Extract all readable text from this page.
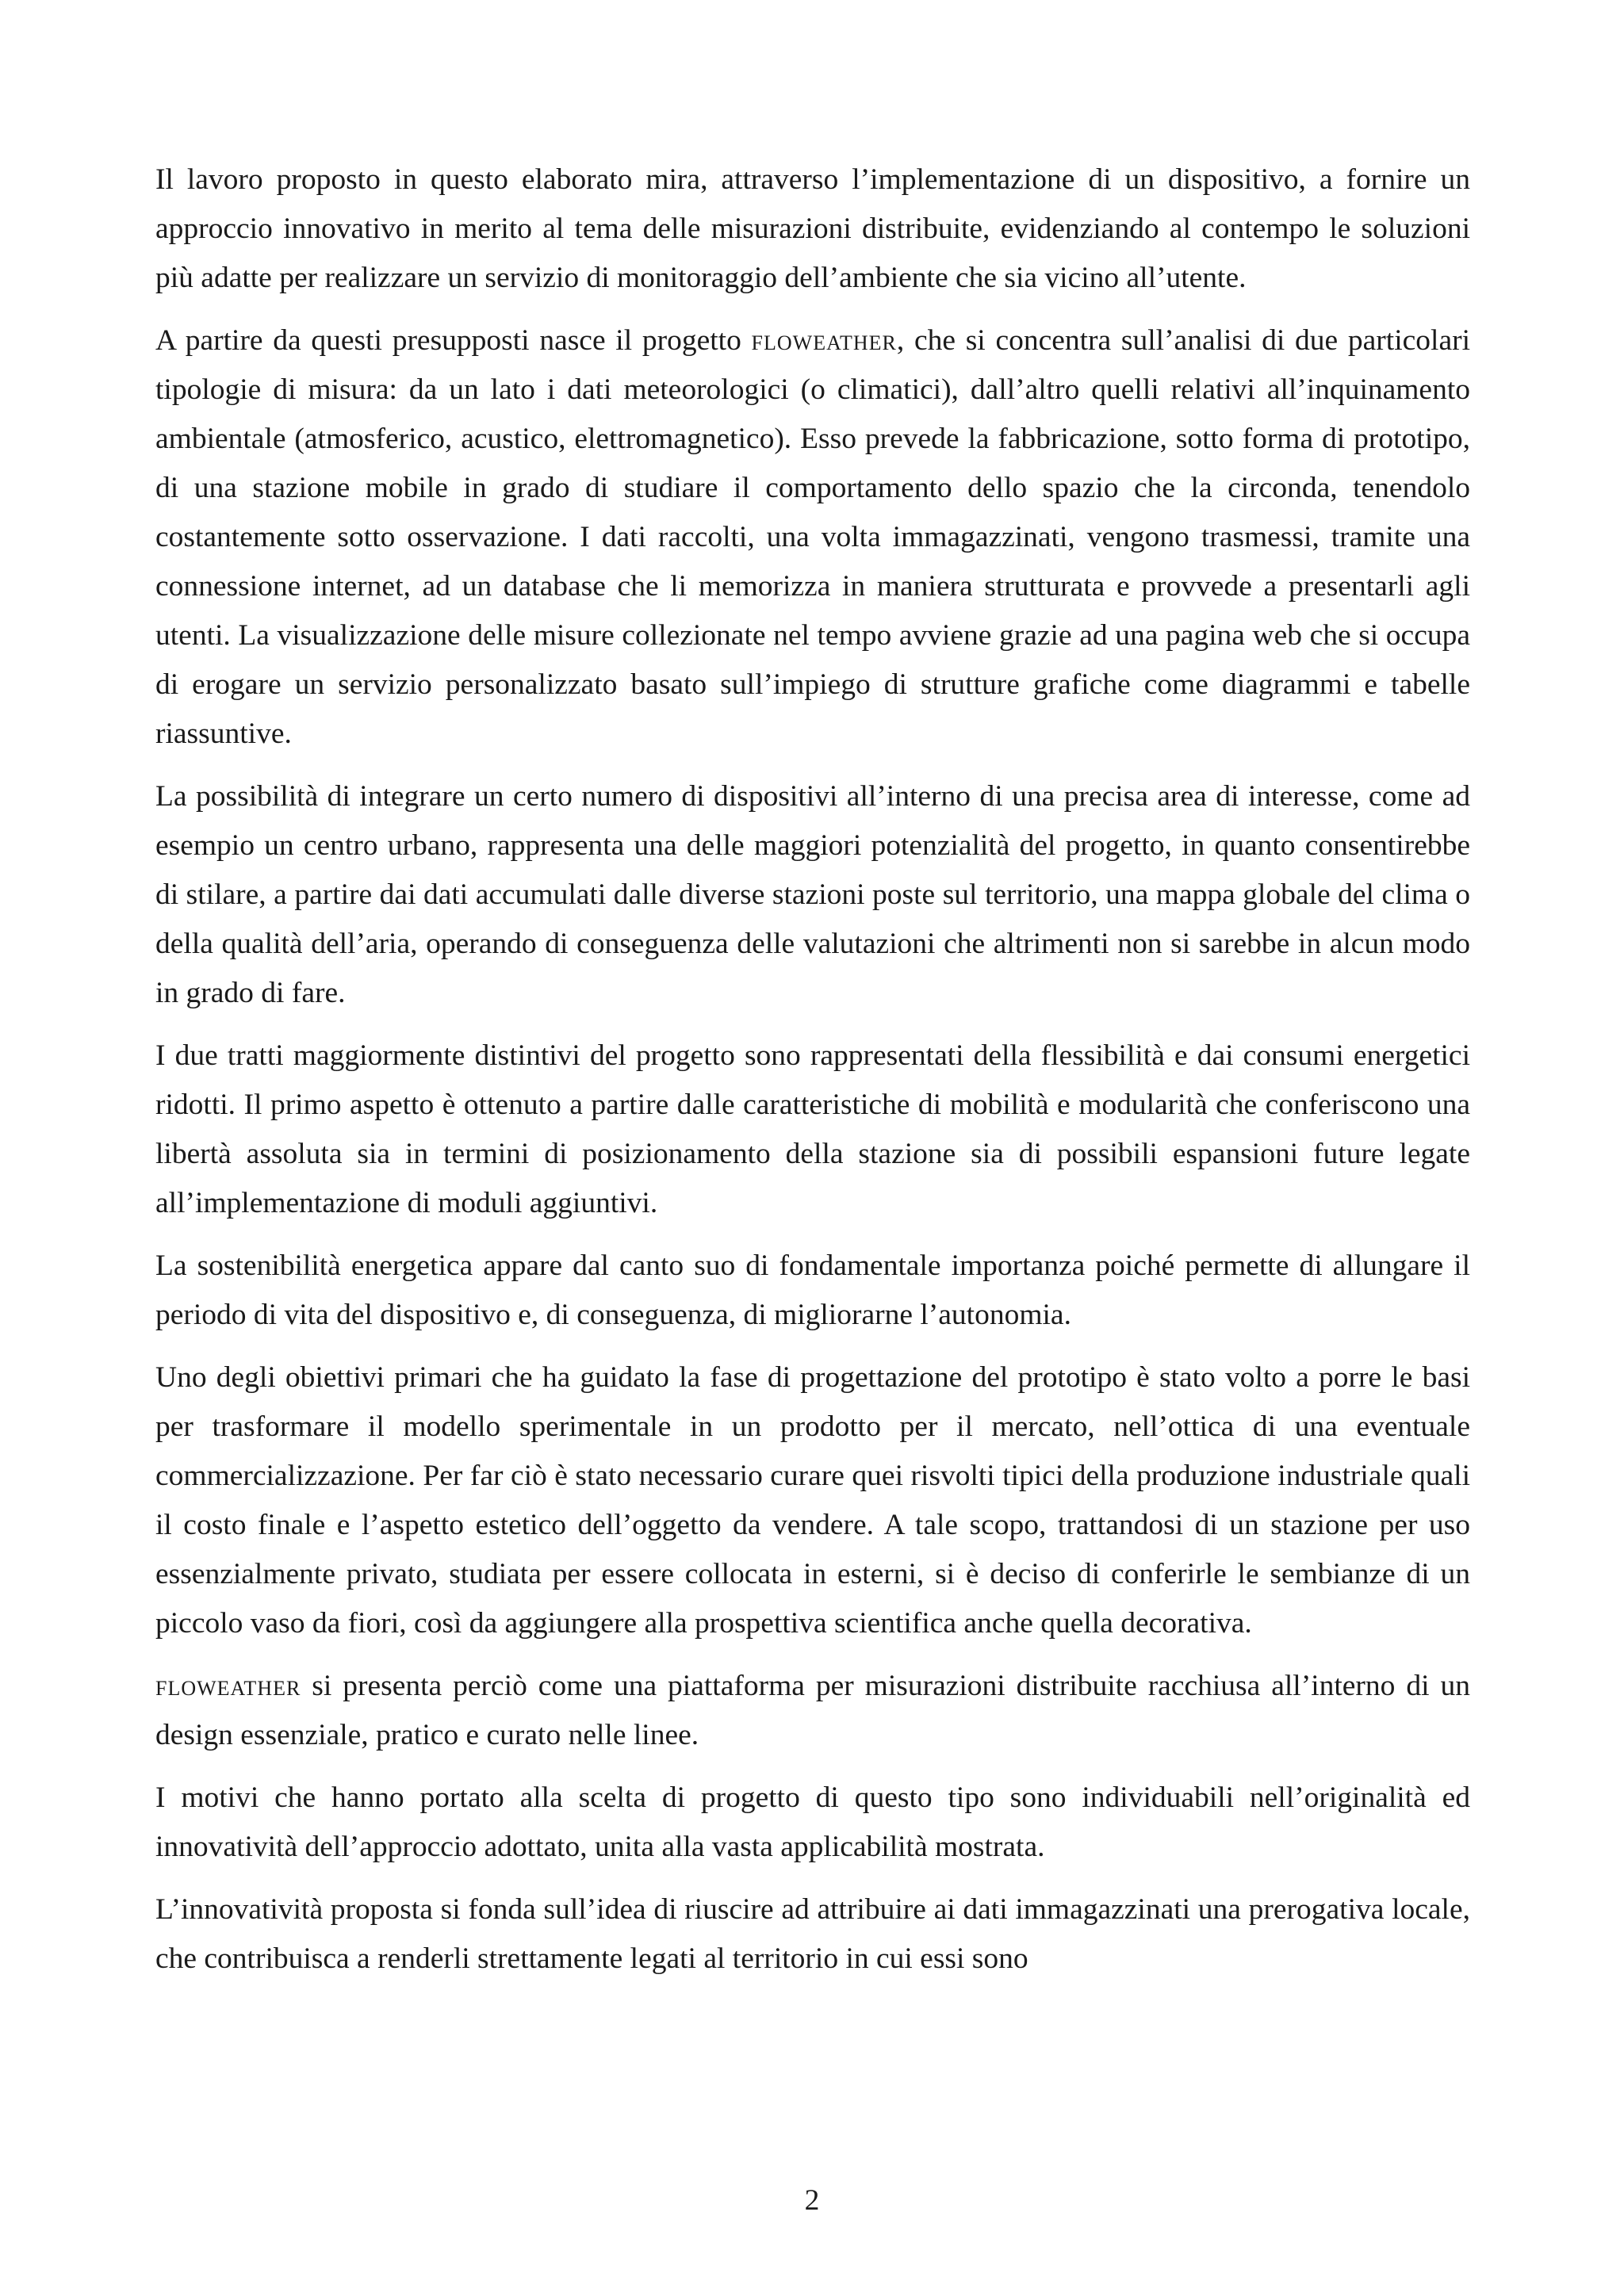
Il lavoro proposto in questo elaborato mira, attraverso l’implementazione di un dispositivo, a fornire un approccio innovativo in merito al tema delle misurazioni distribuite, evidenziando al contempo le soluzioni più adatte per realizzare un servizio di monitoraggio dell’ambiente che sia vicino all’utente.

A partire da questi presupposti nasce il progetto floweather, che si concentra sull’analisi di due particolari tipologie di misura: da un lato i dati meteorologici (o climatici), dall’altro quelli relativi all’inquinamento ambientale (atmosferico, acustico, elettromagnetico). Esso prevede la fabbricazione, sotto forma di prototipo, di una stazione mobile in grado di studiare il comportamento dello spazio che la circonda, tenendolo costantemente sotto osservazione. I dati raccolti, una volta immagazzinati, vengono trasmessi, tramite una connessione internet, ad un database che li memorizza in maniera strutturata e provvede a presentarli agli utenti. La visualizzazione delle misure collezionate nel tempo avviene grazie ad una pagina web che si occupa di erogare un servizio personalizzato basato sull’impiego di strutture grafiche come diagrammi e tabelle riassuntive.

La possibilità di integrare un certo numero di dispositivi all’interno di una precisa area di interesse, come ad esempio un centro urbano, rappresenta una delle maggiori potenzialità del progetto, in quanto consentirebbe di stilare, a partire dai dati accumulati dalle diverse stazioni poste sul territorio, una mappa globale del clima o della qualità dell’aria, operando di conseguenza delle valutazioni che altrimenti non si sarebbe in alcun modo in grado di fare.

I due tratti maggiormente distintivi del progetto sono rappresentati della flessibilità e dai consumi energetici ridotti. Il primo aspetto è ottenuto a partire dalle caratteristiche di mobilità e modularità che conferiscono una libertà assoluta sia in termini di posizionamento della stazione sia di possibili espansioni future legate all’implementazione di moduli aggiuntivi.

La sostenibilità energetica appare dal canto suo di fondamentale importanza poiché permette di allungare il periodo di vita del dispositivo e, di conseguenza, di migliorarne l’autonomia.

Uno degli obiettivi primari che ha guidato la fase di progettazione del prototipo è stato volto a porre le basi per trasformare il modello sperimentale in un prodotto per il mercato, nell’ottica di una eventuale commercializzazione. Per far ciò è stato necessario curare quei risvolti tipici della produzione industriale quali il costo finale e l’aspetto estetico dell’oggetto da vendere. A tale scopo, trattandosi di un stazione per uso essenzialmente privato, studiata per essere collocata in esterni, si è deciso di conferirle le sembianze di un piccolo vaso da fiori, così da aggiungere alla prospettiva scientifica anche quella decorativa.

floweather si presenta perciò come una piattaforma per misurazioni distribuite racchiusa all’interno di un design essenziale, pratico e curato nelle linee.

I motivi che hanno portato alla scelta di progetto di questo tipo sono individuabili nell’originalità ed innovatività dell’approccio adottato, unita alla vasta applicabilità mostrata.

L’innovatività proposta si fonda sull’idea di riuscire ad attribuire ai dati immagazzinati una prerogativa locale, che contribuisca a renderli strettamente legati al territorio in cui essi sono

2
